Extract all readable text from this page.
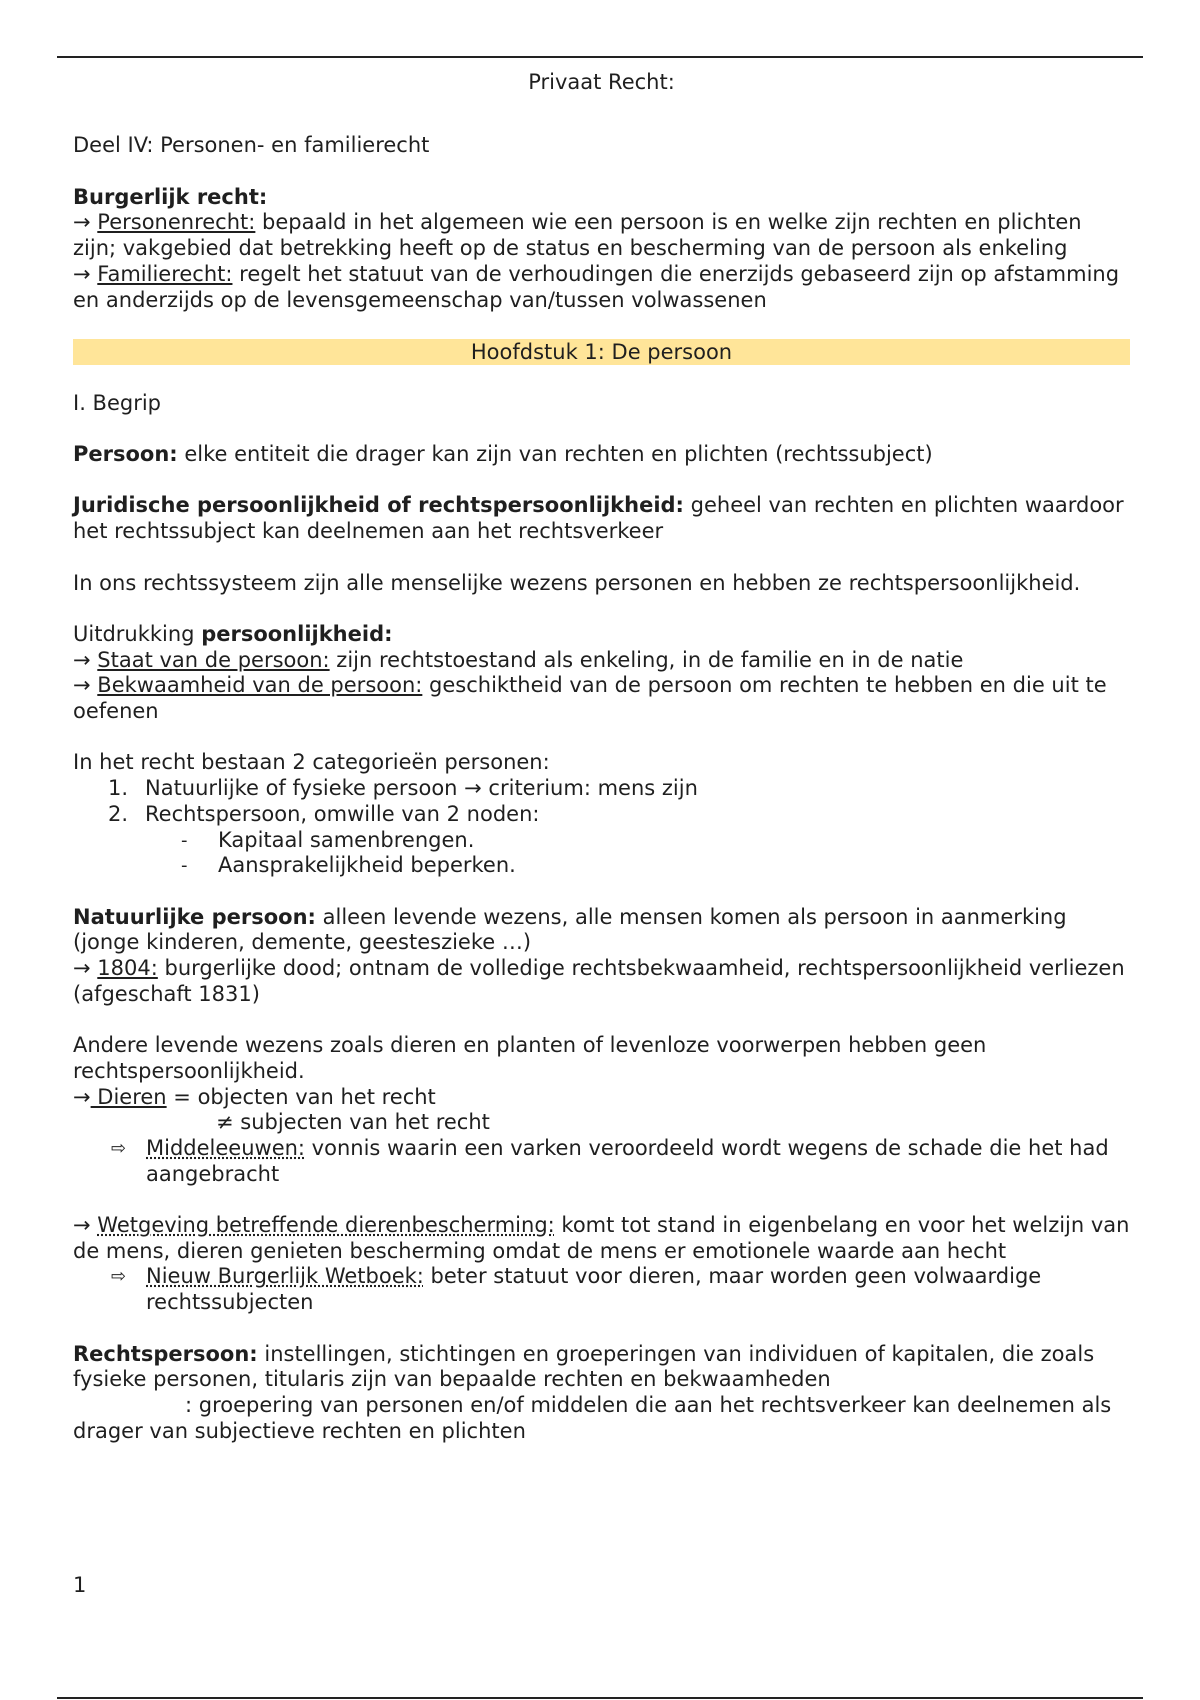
Privaat Recht:

Deel IV: Personen- en familierecht

Burgerlijk recht:

→ Personenrecht: bepaald in het algemeen wie een persoon is en welke zijn rechten en plichten zijn; vakgebied dat betrekking heeft op de status en bescherming van de persoon als enkeling

→ Familierecht: regelt het statuut van de verhoudingen die enerzijds gebaseerd zijn op afstamming en anderzijds op de levensgemeenschap van/tussen volwassenen

Hoofdstuk 1: De persoon

I. Begrip

Persoon: elke entiteit die drager kan zijn van rechten en plichten (rechtssubject)

Juridische persoonlijkheid of rechtspersoonlijkheid: geheel van rechten en plichten waardoor het rechtssubject kan deelnemen aan het rechtsverkeer

In ons rechtssysteem zijn alle menselijke wezens personen en hebben ze rechtspersoonlijkheid.

Uitdrukking persoonlijkheid:

→ Staat van de persoon: zijn rechtstoestand als enkeling, in de familie en in de natie

→ Bekwaamheid van de persoon: geschiktheid van de persoon om rechten te hebben en die uit te oefenen

In het recht bestaan 2 categorieën personen:

1. Natuurlijke of fysieke persoon → criterium: mens zijn
2. Rechtspersoon, omwille van 2 noden:
- Kapitaal samenbrengen.
- Aansprakelijkheid beperken.

Natuurlijke persoon: alleen levende wezens, alle mensen komen als persoon in aanmerking (jonge kinderen, demente, geesteszieke …)

→ 1804: burgerlijke dood; ontnam de volledige rechtsbekwaamheid, rechtspersoonlijkheid verliezen (afgeschaft 1831)

Andere levende wezens zoals dieren en planten of levenloze voorwerpen hebben geen rechtspersoonlijkheid.

→ Dieren = objecten van het recht

≠ subjecten van het recht

⇨ Middeleeuwen: vonnis waarin een varken veroordeeld wordt wegens de schade die het had aangebracht

→ Wetgeving betreffende dierenbescherming: komt tot stand in eigenbelang en voor het welzijn van de mens, dieren genieten bescherming omdat de mens er emotionele waarde aan hecht

⇨ Nieuw Burgerlijk Wetboek: beter statuut voor dieren, maar worden geen volwaardige rechtssubjecten

Rechtspersoon: instellingen, stichtingen en groeperingen van individuen of kapitalen, die zoals fysieke personen, titularis zijn van bepaalde rechten en bekwaamheden

: groepering van personen en/of middelen die aan het rechtsverkeer kan deelnemen als drager van subjectieve rechten en plichten

1
